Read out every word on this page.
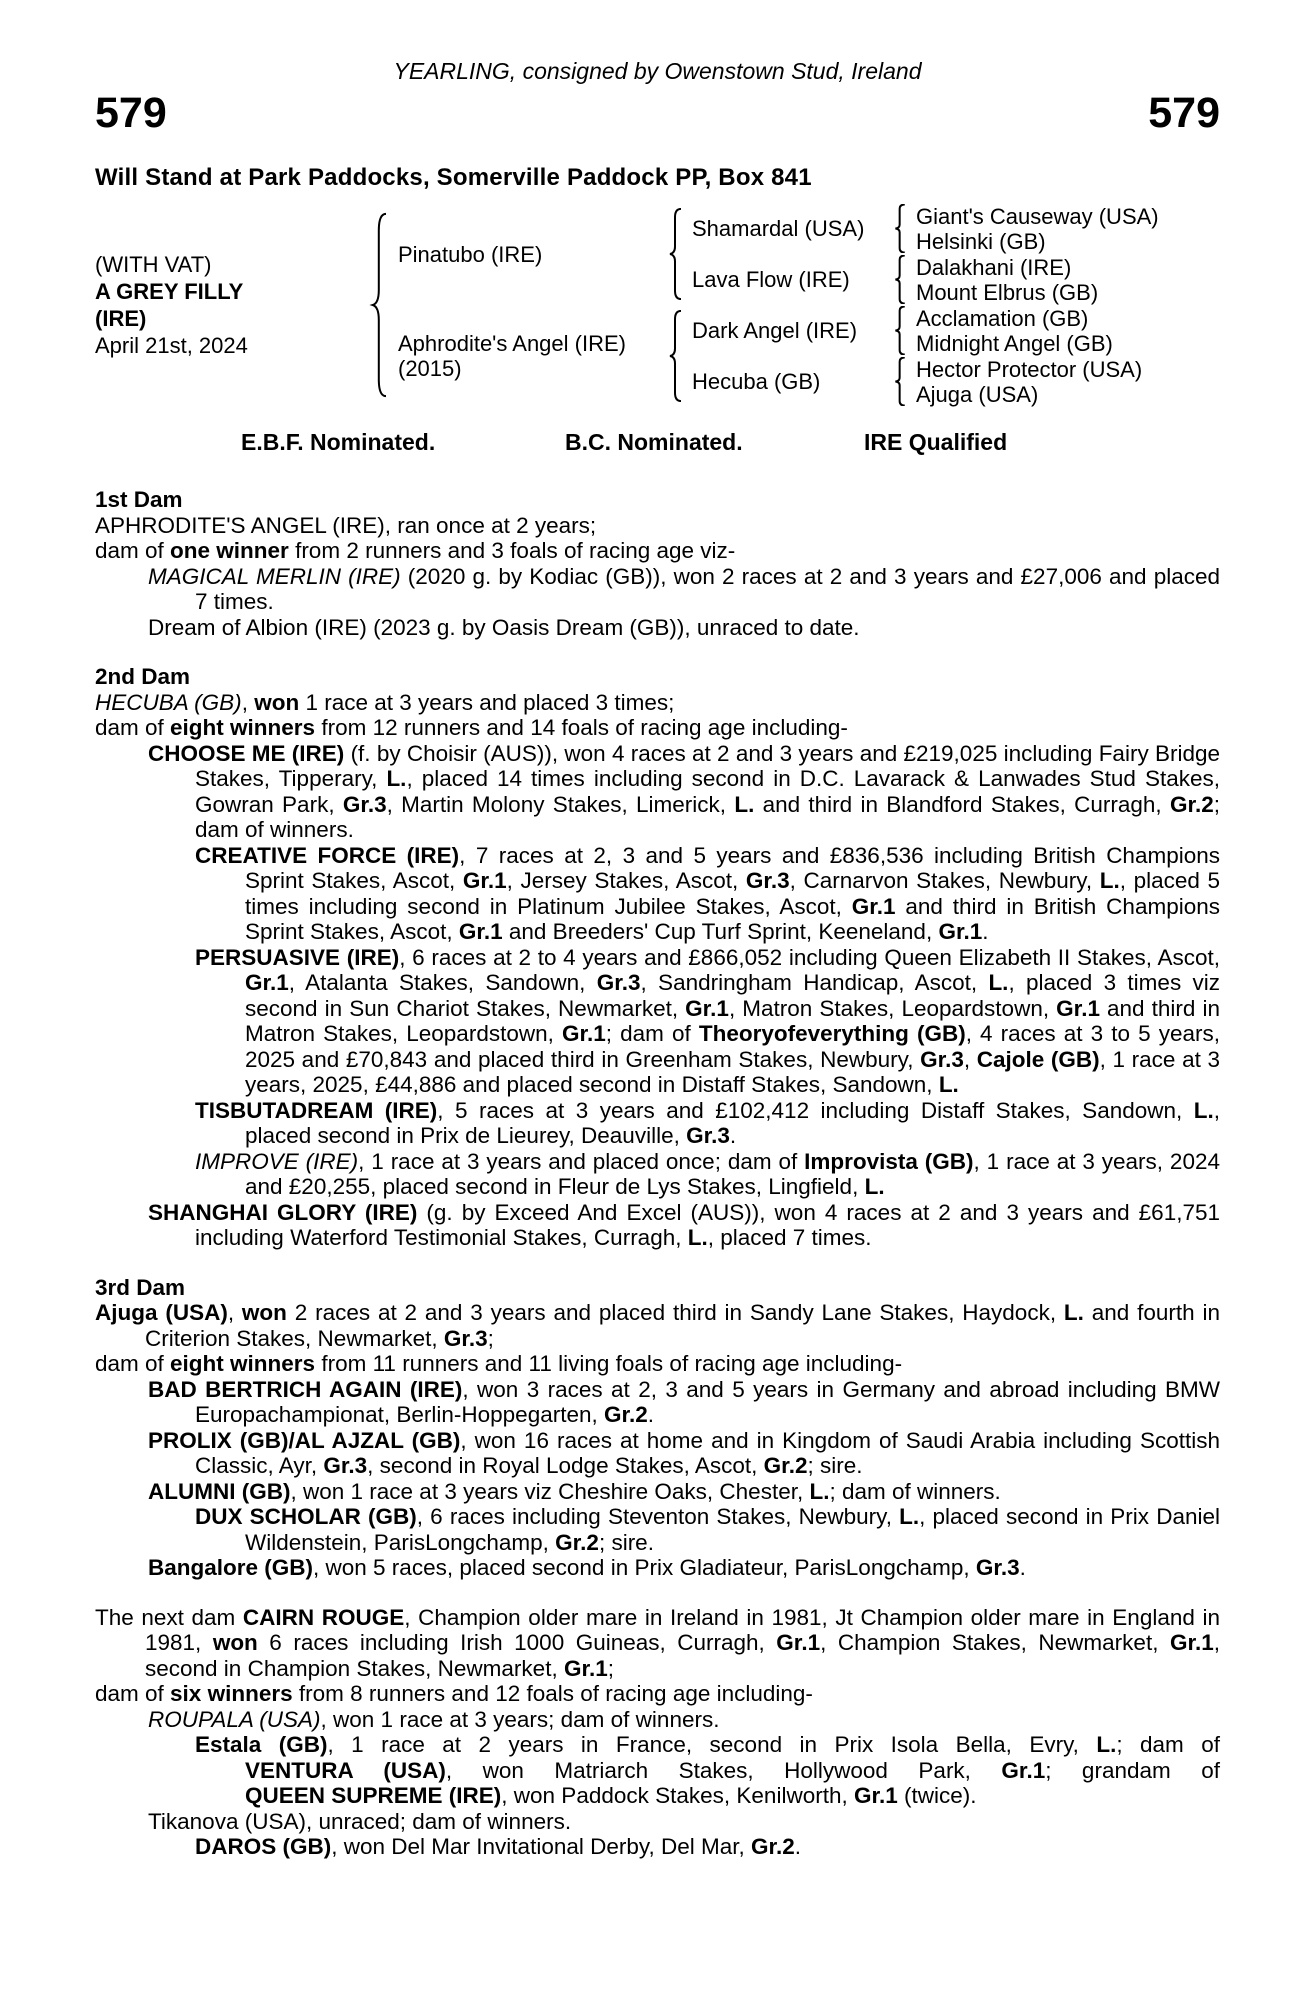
YEARLING, consigned by Owenstown Stud, Ireland
579	579
Will Stand at Park Paddocks, Somerville Paddock PP, Box 841
(WITH VAT)
A GREY FILLY
(IRE)
April 21st, 2024
Pinatubo (IRE)
Shamardal (USA)	Giant's Causeway (USA)
Helsinki (GB)
Lava Flow (IRE)	Dalakhani (IRE)
Mount Elbrus (GB)
Aphrodite's Angel (IRE)
(2015)
Dark Angel (IRE)	Acclamation (GB)
Midnight Angel (GB)
Hecuba (GB)	Hector Protector (USA)
Ajuga (USA)
E.B.F. Nominated.	B.C. Nominated.	IRE Qualified

1st Dam

APHRODITE'S ANGEL (IRE), ran once at 2 years;

dam of one winner from 2 runners and 3 foals of racing age viz-

MAGICAL MERLIN (IRE) (2020 g. by Kodiac (GB)), won 2 races at 2 and 3 years and £27,006 and placed 7 times.

Dream of Albion (IRE) (2023 g. by Oasis Dream (GB)), unraced to date.

2nd Dam

HECUBA (GB), won 1 race at 3 years and placed 3 times;

dam of eight winners from 12 runners and 14 foals of racing age including-

CHOOSE ME (IRE) (f. by Choisir (AUS)), won 4 races at 2 and 3 years and £219,025 including Fairy Bridge Stakes, Tipperary, L., placed 14 times including second in D.C. Lavarack & Lanwades Stud Stakes, Gowran Park, Gr.3, Martin Molony Stakes, Limerick, L. and third in Blandford Stakes, Curragh, Gr.2; dam of winners.

CREATIVE FORCE (IRE), 7 races at 2, 3 and 5 years and £836,536 including British Champions Sprint Stakes, Ascot, Gr.1, Jersey Stakes, Ascot, Gr.3, Carnarvon Stakes, Newbury, L., placed 5 times including second in Platinum Jubilee Stakes, Ascot, Gr.1 and third in British Champions Sprint Stakes, Ascot, Gr.1 and Breeders' Cup Turf Sprint, Keeneland, Gr.1.

PERSUASIVE (IRE), 6 races at 2 to 4 years and £866,052 including Queen Elizabeth II Stakes, Ascot, Gr.1, Atalanta Stakes, Sandown, Gr.3, Sandringham Handicap, Ascot, L., placed 3 times viz second in Sun Chariot Stakes, Newmarket, Gr.1, Matron Stakes, Leopardstown, Gr.1 and third in Matron Stakes, Leopardstown, Gr.1; dam of Theoryofeverything (GB), 4 races at 3 to 5 years, 2025 and £70,843 and placed third in Greenham Stakes, Newbury, Gr.3, Cajole (GB), 1 race at 3 years, 2025, £44,886 and placed second in Distaff Stakes, Sandown, L.

TISBUTADREAM (IRE), 5 races at 3 years and £102,412 including Distaff Stakes, Sandown, L., placed second in Prix de Lieurey, Deauville, Gr.3.

IMPROVE (IRE), 1 race at 3 years and placed once; dam of Improvista (GB), 1 race at 3 years, 2024 and £20,255, placed second in Fleur de Lys Stakes, Lingfield, L.

SHANGHAI GLORY (IRE) (g. by Exceed And Excel (AUS)), won 4 races at 2 and 3 years and £61,751 including Waterford Testimonial Stakes, Curragh, L., placed 7 times.

3rd Dam

Ajuga (USA), won 2 races at 2 and 3 years and placed third in Sandy Lane Stakes, Haydock, L. and fourth in Criterion Stakes, Newmarket, Gr.3;

dam of eight winners from 11 runners and 11 living foals of racing age including-

BAD BERTRICH AGAIN (IRE), won 3 races at 2, 3 and 5 years in Germany and abroad including BMW Europachampionat, Berlin-Hoppegarten, Gr.2.

PROLIX (GB)/AL AJZAL (GB), won 16 races at home and in Kingdom of Saudi Arabia including Scottish Classic, Ayr, Gr.3, second in Royal Lodge Stakes, Ascot, Gr.2; sire.

ALUMNI (GB), won 1 race at 3 years viz Cheshire Oaks, Chester, L.; dam of winners.

DUX SCHOLAR (GB), 6 races including Steventon Stakes, Newbury, L., placed second in Prix Daniel Wildenstein, ParisLongchamp, Gr.2; sire.

Bangalore (GB), won 5 races, placed second in Prix Gladiateur, ParisLongchamp, Gr.3.

The next dam CAIRN ROUGE, Champion older mare in Ireland in 1981, Jt Champion older mare in England in 1981, won 6 races including Irish 1000 Guineas, Curragh, Gr.1, Champion Stakes, Newmarket, Gr.1, second in Champion Stakes, Newmarket, Gr.1;

dam of six winners from 8 runners and 12 foals of racing age including-

ROUPALA (USA), won 1 race at 3 years; dam of winners.

Estala (GB), 1 race at 2 years in France, second in Prix Isola Bella, Evry, L.; dam of

VENTURA (USA), won Matriarch Stakes, Hollywood Park, Gr.1; grandam of

QUEEN SUPREME (IRE), won Paddock Stakes, Kenilworth, Gr.1 (twice).

Tikanova (USA), unraced; dam of winners.

DAROS (GB), won Del Mar Invitational Derby, Del Mar, Gr.2.
